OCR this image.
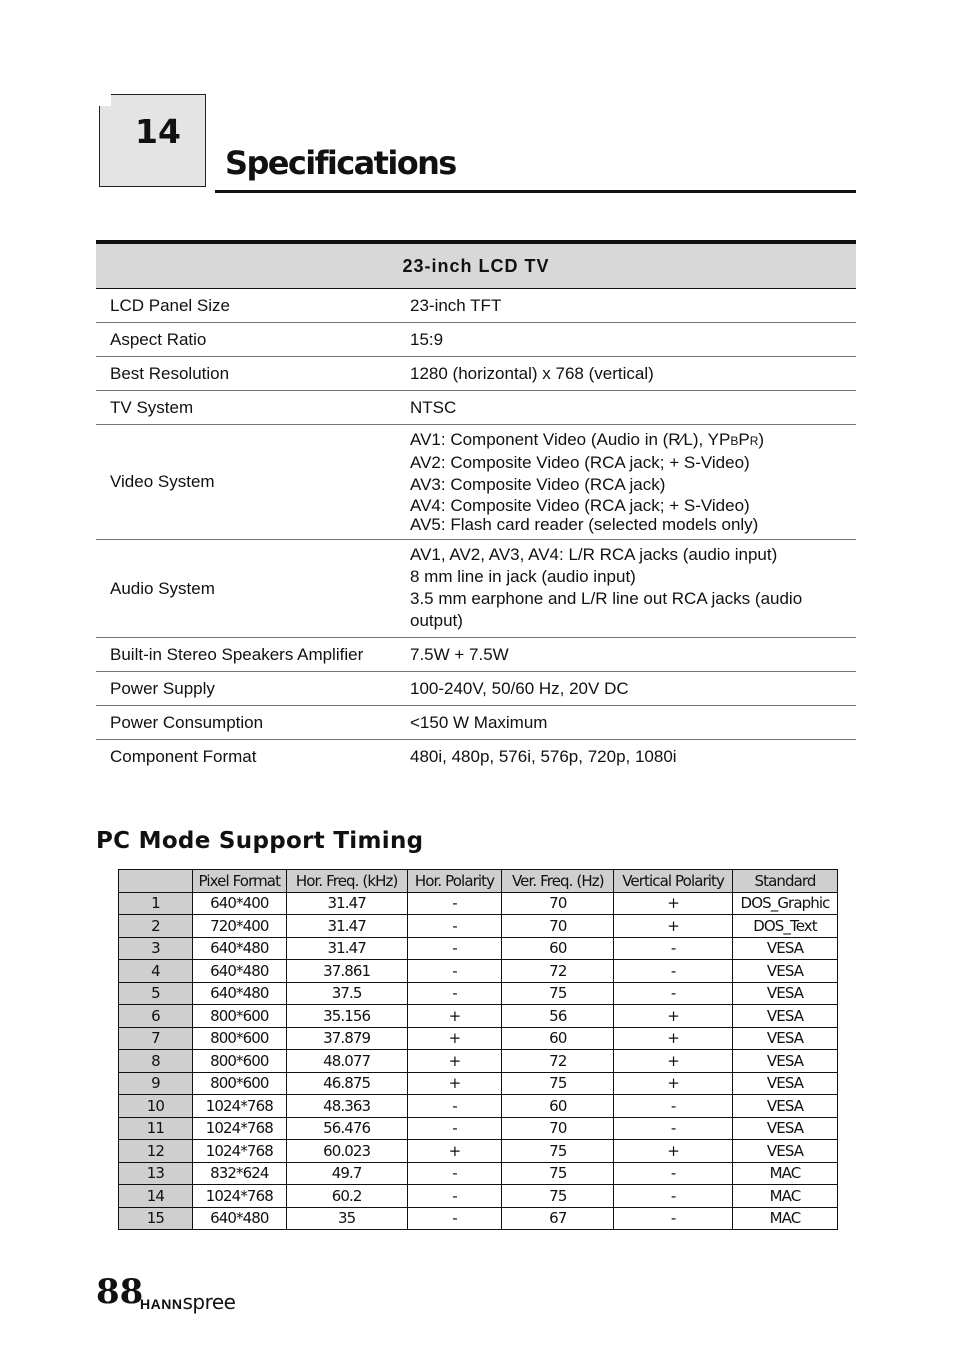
14
Specifications
23-inch LCD TV	
LCD Panel Size	23-inch TFT
Aspect Ratio	15:9
Best Resolution	1280 (horizontal) x 768 (vertical)
TV System	NTSC
Video System	AV1: Component Video (Audio in (R⁄L), YPBPR)
AV2: Composite Video (RCA jack; + S-Video)
AV3: Composite Video (RCA jack)
AV4: Composite Video (RCA jack; + S-Video)
AV5: Flash card reader (selected models only)

Audio System	AV1, AV2, AV3, AV4: L/R RCA jacks (audio input)
8 mm line in jack (audio input)
3.5 mm earphone and L/R line out RCA jacks (audio
output)

Built-in Stereo Speakers Amplifier	7.5W + 7.5W
Power Supply	100-240V, 50/60 Hz, 20V DC
Power Consumption	<150 W Maximum
Component Format	480i, 480p, 576i, 576p, 720p, 1080i
PC Mode Support Timing
	Pixel Format	Hor. Freq. (kHz)	Hor. Polarity	Ver. Freq. (Hz)	Vertical Polarity	Standard
1	640*400	31.47	-	70	+	DOS_Graphic
2	720*400	31.47	-	70	+	DOS_Text
3	640*480	31.47	-	60	-	VESA
4	640*480	37.861	-	72	-	VESA
5	640*480	37.5	-	75	-	VESA
6	800*600	35.156	+	56	+	VESA
7	800*600	37.879	+	60	+	VESA
8	800*600	48.077	+	72	+	VESA
9	800*600	46.875	+	75	+	VESA
10	1024*768	48.363	-	60	-	VESA
11	1024*768	56.476	-	70	-	VESA
12	1024*768	60.023	+	75	+	VESA
13	832*624	49.7	-	75	-	MAC
14	1024*768	60.2	-	75	-	MAC
15	640*480	35	-	67	-	MAC
88
HANNspree
